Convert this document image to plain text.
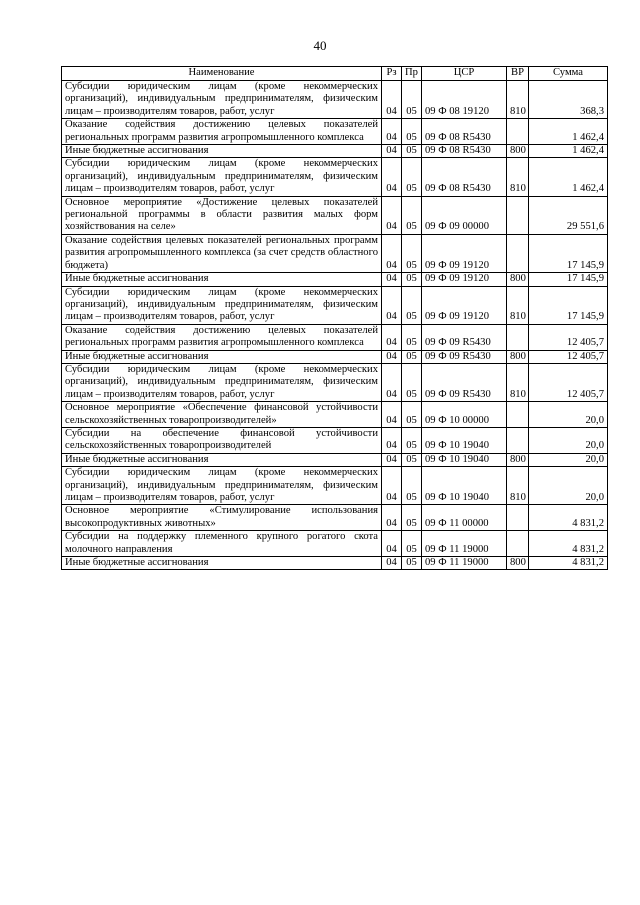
40
Наименование	Рз	Пр	ЦСР	ВР	Сумма
Субсидии юридическим лицам (кроме некоммерческих организаций), индивидуальным предпринимателям, физическим лицам – производителям товаров, работ, услуг	04	05	09 Ф 08 19120	810	368,3
Оказание содействия достижению целевых показателей региональных программ развития агропромышленного комплекса	04	05	09 Ф 08 R5430		1 462,4
Иные бюджетные ассигнования	04	05	09 Ф 08 R5430	800	1 462,4
Субсидии юридическим лицам (кроме некоммерческих организаций), индивидуальным предпринимателям, физическим лицам – производителям товаров, работ, услуг	04	05	09 Ф 08 R5430	810	1 462,4
Основное мероприятие «Достижение целевых показателей региональной программы в области развития малых форм хозяйствования на селе»	04	05	09 Ф 09 00000		29 551,6
Оказание содействия целевых показателей региональных программ развития агропромышленного комплекса (за счет средств областного бюджета)	04	05	09 Ф 09 19120		17 145,9
Иные бюджетные ассигнования	04	05	09 Ф 09 19120	800	17 145,9
Субсидии юридическим лицам (кроме некоммерческих организаций), индивидуальным предпринимателям, физическим лицам – производителям товаров, работ, услуг	04	05	09 Ф 09 19120	810	17 145,9
Оказание содействия достижению целевых показателей региональных программ развития агропромышленного комплекса	04	05	09 Ф 09 R5430		12 405,7
Иные бюджетные ассигнования	04	05	09 Ф 09 R5430	800	12 405,7
Субсидии юридическим лицам (кроме некоммерческих организаций), индивидуальным предпринимателям, физическим лицам – производителям товаров, работ, услуг	04	05	09 Ф 09 R5430	810	12 405,7
Основное мероприятие «Обеспечение финансовой устойчивости сельскохозяйственных товаропроизводителей»	04	05	09 Ф 10 00000		20,0
Субсидии на обеспечение финансовой устойчивости сельскохозяйственных товаропроизводителей	04	05	09 Ф 10 19040		20,0
Иные бюджетные ассигнования	04	05	09 Ф 10 19040	800	20,0
Субсидии юридическим лицам (кроме некоммерческих организаций), индивидуальным предпринимателям, физическим лицам – производителям товаров, работ, услуг	04	05	09 Ф 10 19040	810	20,0
Основное мероприятие «Стимулирование использования высокопродуктивных животных»	04	05	09 Ф 11 00000		4 831,2
Субсидии на поддержку племенного крупного рогатого скота молочного направления	04	05	09 Ф 11 19000		4 831,2
Иные бюджетные ассигнования	04	05	09 Ф 11 19000	800	4 831,2
